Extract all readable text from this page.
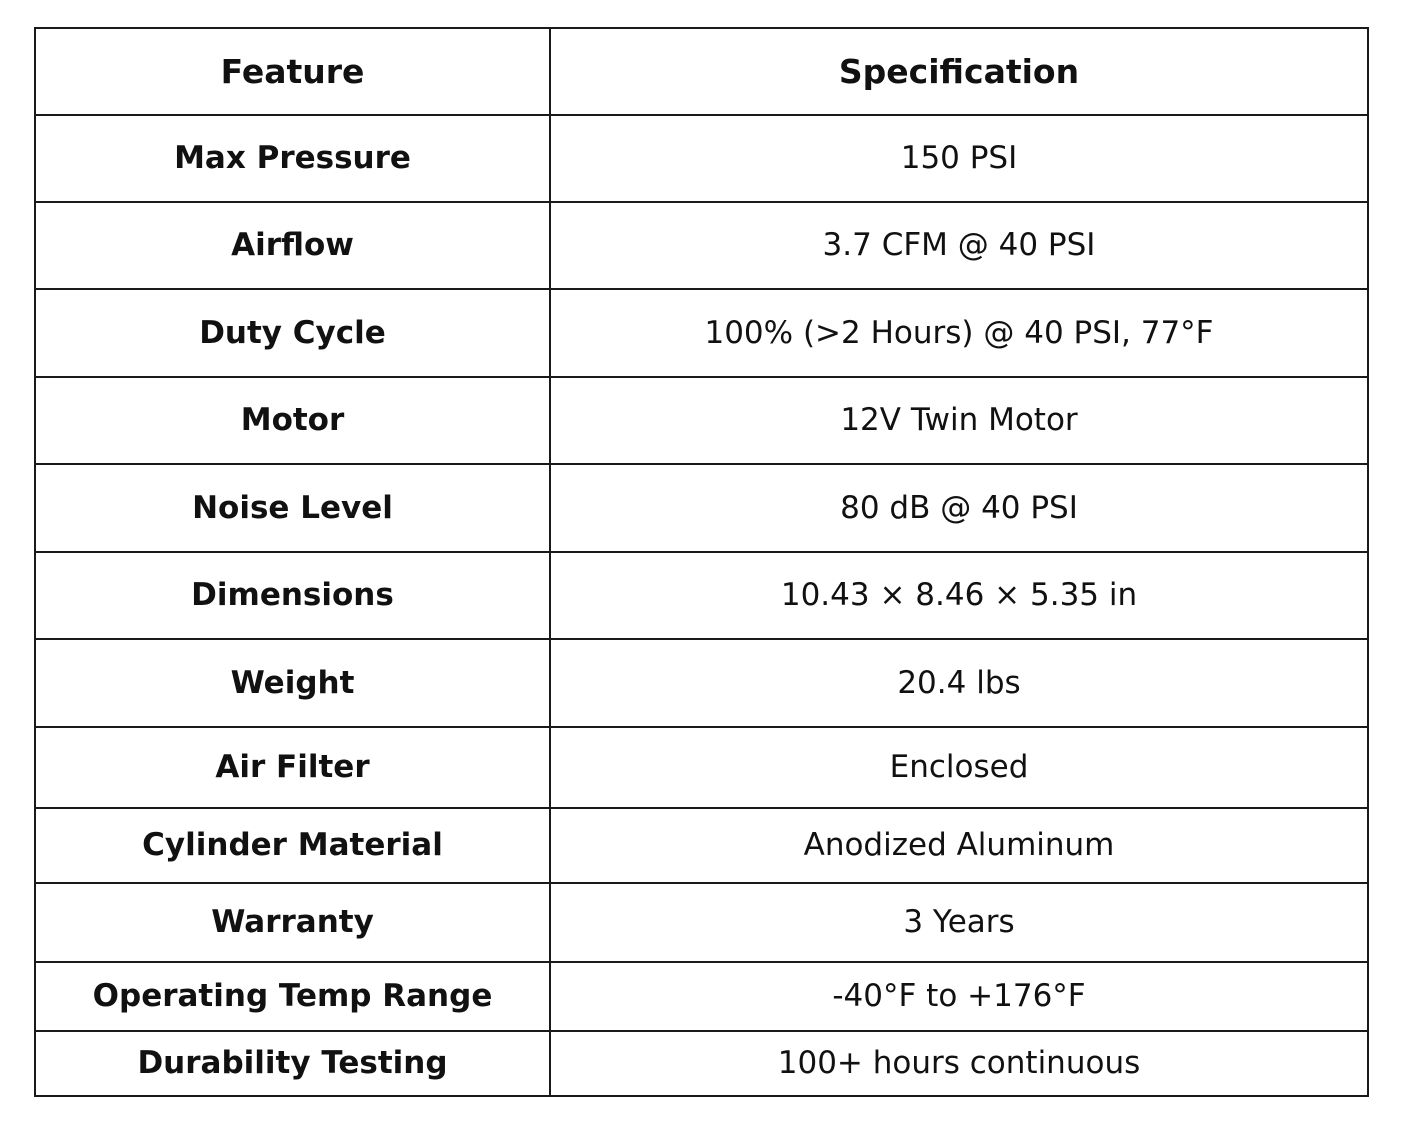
Feature	Specification
Max Pressure	150 PSI
Airflow	3.7 CFM @ 40 PSI
Duty Cycle	100% (>2 Hours) @ 40 PSI, 77°F
Motor	12V Twin Motor
Noise Level	80 dB @ 40 PSI
Dimensions	10.43 × 8.46 × 5.35 in
Weight	20.4 lbs
Air Filter	Enclosed
Cylinder Material	Anodized Aluminum
Warranty	3 Years
Operating Temp Range	-40°F to +176°F
Durability Testing	100+ hours continuous
